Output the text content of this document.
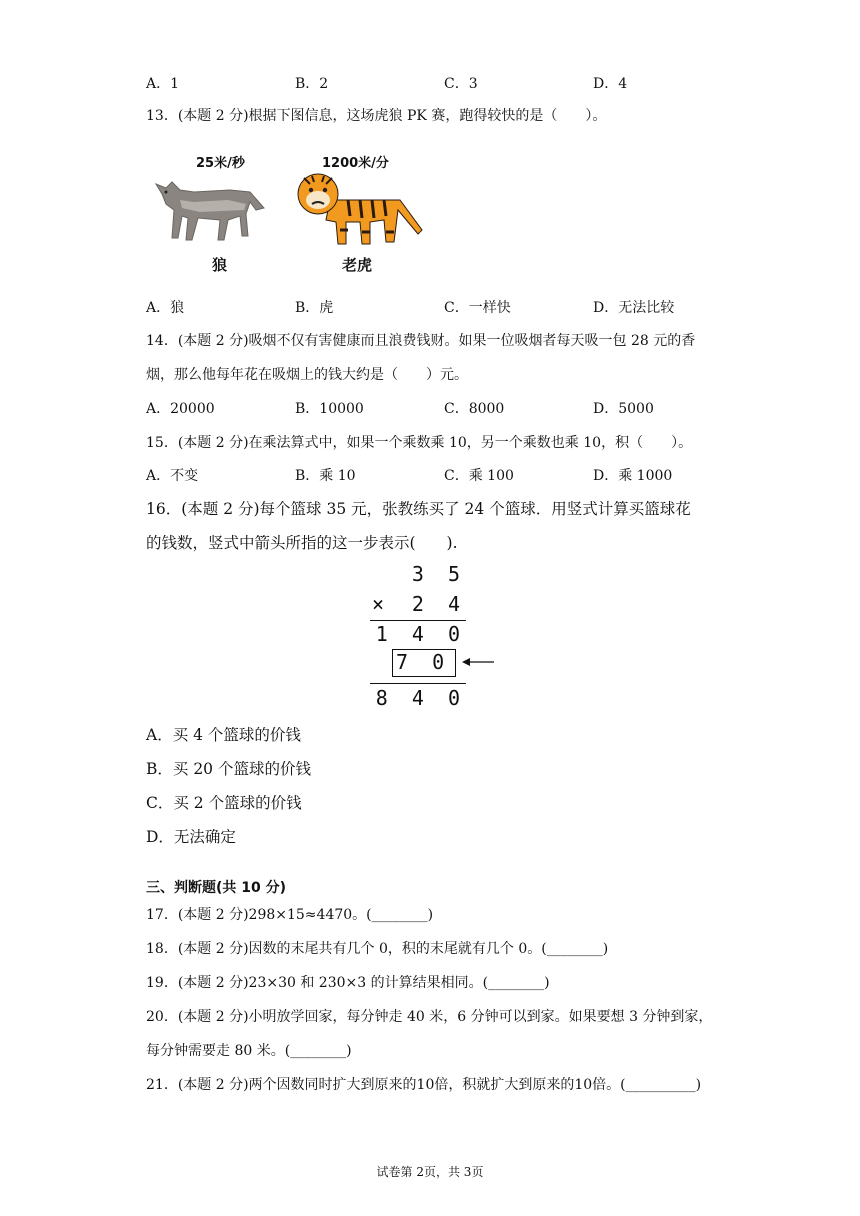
A．1	B．2	C．3	D．4
13．(本题 2 分)根据下图信息，这场虎狼 PK 赛，跑得较快的是（　　）。
25米/秒	1200米/分
狼	老虎
A．狼	B．虎	C．一样快	D．无法比较
14．(本题 2 分)吸烟不仅有害健康而且浪费钱财。如果一位吸烟者每天吸一包 28 元的香
烟，那么他每年花在吸烟上的钱大约是（　　）元。
A．20000	B．10000	C．8000	D．5000
15．(本题 2 分)在乘法算式中，如果一个乘数乘 10，另一个乘数也乘 10，积（　　）。
A．不变	B．乘 10	C．乘 100	D．乘 1000
16．(本题 2 分)每个篮球 35 元，张教练买了 24 个篮球．用竖式计算买篮球花
的钱数，竖式中箭头所指的这一步表示(　　).
3 5
× 2 4
1 4 0
7 0
8 4 0
A．买 4 个篮球的价钱
B．买 20 个篮球的价钱
C．买 2 个篮球的价钱
D．无法确定
三、判断题(共 10 分)
17．(本题 2 分)298×15≈4470。(________)
18．(本题 2 分)因数的末尾共有几个 0，积的末尾就有几个 0。(________)
19．(本题 2 分)23×30 和 230×3 的计算结果相同。(________)
20．(本题 2 分)小明放学回家，每分钟走 40 米，6 分钟可以到家。如果要想 3 分钟到家，
每分钟需要走 80 米。(________)
21．(本题 2 分)两个因数同时扩大到原来的10倍，积就扩大到原来的10倍。(__________)
试卷第 2页，共 3页
